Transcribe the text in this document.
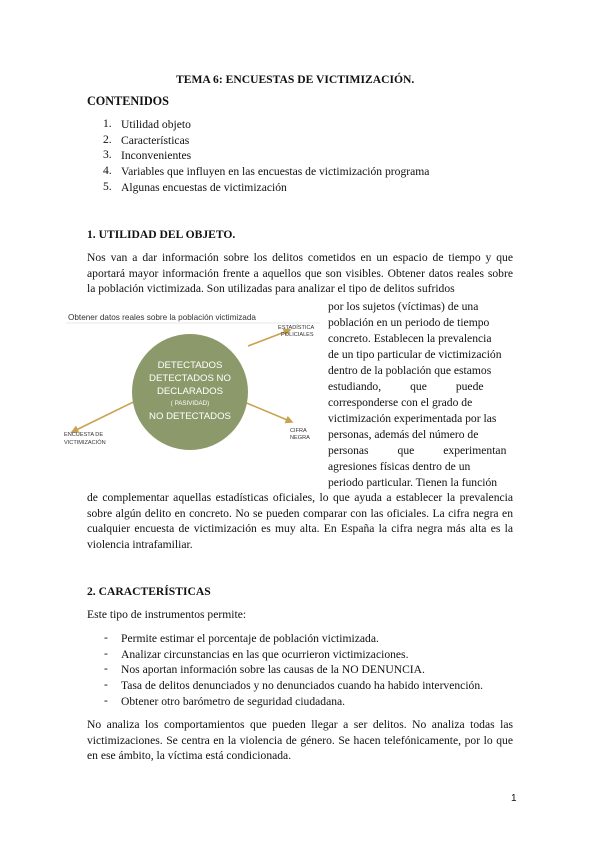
TEMA 6: ENCUESTAS DE VICTIMIZACIÓN.
CONTENIDOS
1. Utilidad objeto
2. Características
3. Inconvenientes
4. Variables que influyen en las encuestas de victimización programa
5. Algunas encuestas de victimización
1. UTILIDAD DEL OBJETO.
Nos van a dar información sobre los delitos cometidos en un espacio de tiempo y que aportará mayor información frente a aquellos que son visibles. Obtener datos reales sobre la población victimizada. Son utilizadas para analizar el tipo de delitos sufridos
por los sujetos (víctimas) de una
población en un periodo de tiempo
concreto. Establecen la prevalencia
de un tipo particular de victimización
dentro de la población que estamos
estudiando,          que          puede
corresponderse con el grado de
victimización experimentada por las
personas, además del número de
personas          que          experimentan
agresiones físicas dentro de un
periodo particular. Tienen la función
Obtener datos reales sobre la población victimizada
DETECTADOS
DETECTADOS NO
DECLARADOS
( PASIVIDAD)
NO DETECTADOS
ESTADÍSTICA
POLICIALES
CIFRA
NEGRA
ENCUESTA DE
VICTIMIZACIÓN
de complementar aquellas estadísticas oficiales, lo que ayuda a establecer la prevalencia sobre algún delito en concreto. No se pueden comparar con las oficiales. La cifra negra en cualquier encuesta de victimización es muy alta. En España la cifra negra más alta es la violencia intrafamiliar.
2. CARACTERÍSTICAS
Este tipo de instrumentos permite:
- Permite estimar el porcentaje de población victimizada.
- Analizar circunstancias en las que ocurrieron victimizaciones.
- Nos aportan información sobre las causas de la NO DENUNCIA.
- Tasa de delitos denunciados y no denunciados cuando ha habido intervención.
- Obtener otro barómetro de seguridad ciudadana.
No analiza los comportamientos que pueden llegar a ser delitos. No analiza todas las victimizaciones. Se centra en la violencia de género. Se hacen telefónicamente, por lo que en ese ámbito, la víctima está condicionada.
1
